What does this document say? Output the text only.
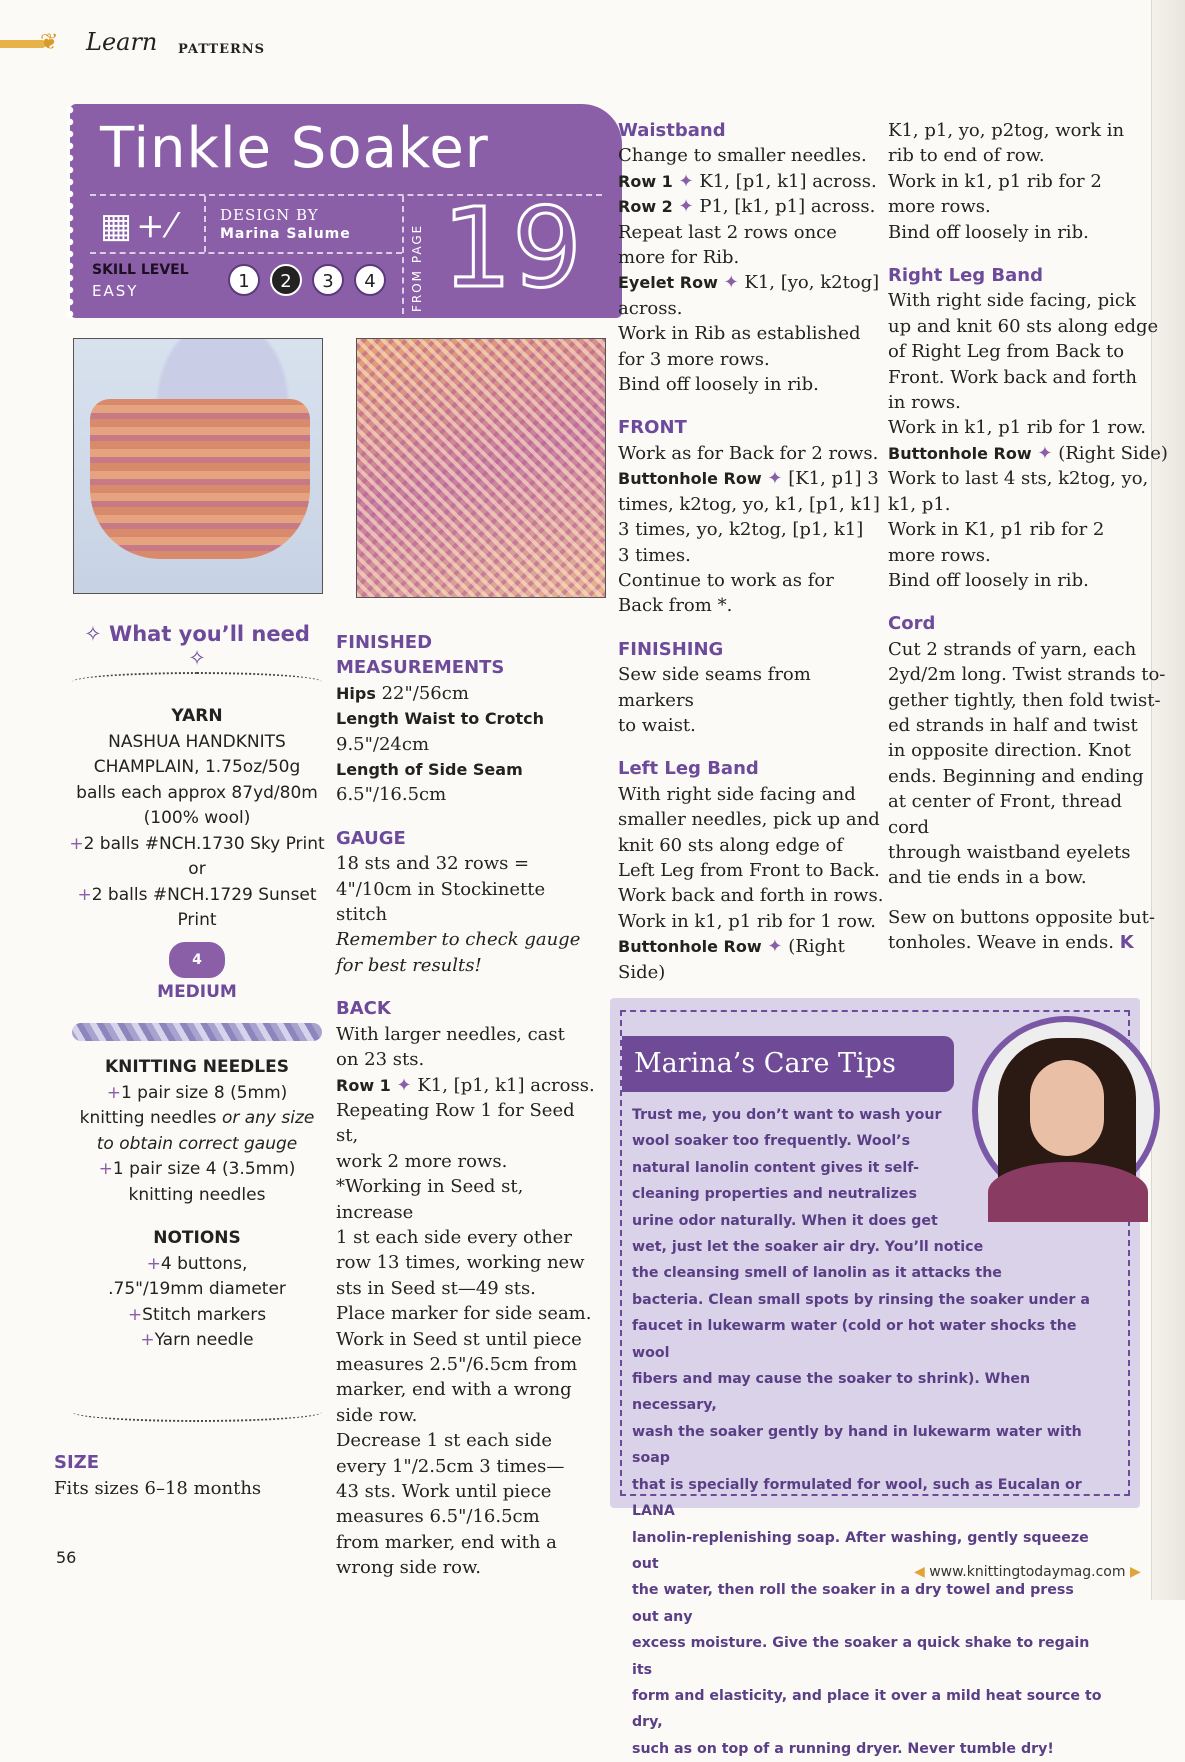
❦ Learn PATTERNS
Tinkle Soaker
▦+⁄	DESIGN BY
Marina Salume
SKILL LEVEL
EASY	1	2	3	4	FROM PAGE 19
✧ What you’ll need ✧
YARN
NASHUA HANDKNITS
CHAMPLAIN, 1.75oz/50g
balls each approx 87yd/80m
(100% wool)
+2 balls #NCH.1730 Sky Print
or
+2 balls #NCH.1729 Sunset
Print
4
MEDIUM
KNITTING NEEDLES
+1 pair size 8 (5mm)
knitting needles or any size
to obtain correct gauge
+1 pair size 4 (3.5mm)
knitting needles
NOTIONS
+4 buttons,
.75"/19mm diameter
+Stitch markers
+Yarn needle
SIZE
Fits sizes 6–18 months
FINISHED MEASUREMENTS
Hips 22"/56cm
Length Waist to Crotch
9.5"/24cm
Length of Side Seam
6.5"/16.5cm
GAUGE
18 sts and 32 rows =
4"/10cm in Stockinette stitch
Remember to check gauge
for best results!
BACK
With larger needles, cast
on 23 sts.
Row 1 ✦ K1, [p1, k1] across.
Repeating Row 1 for Seed st,
work 2 more rows.
*Working in Seed st, increase
1 st each side every other
row 13 times, working new
sts in Seed st—49 sts.
Place marker for side seam.
Work in Seed st until piece
measures 2.5"/6.5cm from
marker, end with a wrong
side row.
Decrease 1 st each side
every 1"/2.5cm 3 times—
43 sts. Work until piece
measures 6.5"/16.5cm
from marker, end with a
wrong side row.
Waistband
Change to smaller needles.
Row 1 ✦ K1, [p1, k1] across.
Row 2 ✦ P1, [k1, p1] across.
Repeat last 2 rows once
more for Rib.
Eyelet Row ✦ K1, [yo, k2tog]
across.
Work in Rib as established
for 3 more rows.
Bind off loosely in rib.
FRONT
Work as for Back for 2 rows.
Buttonhole Row ✦ [K1, p1] 3
times, k2tog, yo, k1, [p1, k1]
3 times, yo, k2tog, [p1, k1]
3 times.
Continue to work as for
Back from *.
FINISHING
Sew side seams from markers
to waist.
Left Leg Band
With right side facing and
smaller needles, pick up and
knit 60 sts along edge of
Left Leg from Front to Back.
Work back and forth in rows.
Work in k1, p1 rib for 1 row.
Buttonhole Row ✦ (Right Side)
K1, p1, yo, p2tog, work in
rib to end of row.
Work in k1, p1 rib for 2
more rows.
Bind off loosely in rib.
Right Leg Band
With right side facing, pick
up and knit 60 sts along edge
of Right Leg from Back to
Front. Work back and forth
in rows.
Work in k1, p1 rib for 1 row.
Buttonhole Row ✦ (Right Side)
Work to last 4 sts, k2tog, yo,
k1, p1.
Work in K1, p1 rib for 2
more rows.
Bind off loosely in rib.
Cord
Cut 2 strands of yarn, each
2yd/2m long. Twist strands to-
gether tightly, then fold twist-
ed strands in half and twist
in opposite direction. Knot
ends. Beginning and ending
at center of Front, thread cord
through waistband eyelets
and tie ends in a bow.
Sew on buttons opposite but-
tonholes. Weave in ends. K
Marina’s Care Tips
Trust me, you don’t want to wash your
wool soaker too frequently. Wool’s
natural lanolin content gives it self-
cleaning properties and neutralizes
urine odor naturally. When it does get
wet, just let the soaker air dry. You’ll notice
the cleansing smell of lanolin as it attacks the
bacteria. Clean small spots by rinsing the soaker under a
faucet in lukewarm water (cold or hot water shocks the wool
fibers and may cause the soaker to shrink). When necessary,
wash the soaker gently by hand in lukewarm water with soap
that is specially formulated for wool, such as Eucalan or LANA
lanolin-replenishing soap. After washing, gently squeeze out
the water, then roll the soaker in a dry towel and press out any
excess moisture. Give the soaker a quick shake to regain its
form and elasticity, and place it over a mild heat source to dry,
such as on top of a running dryer. Never tumble dry!
56
◀ www.knittingtodaymag.com ▶
